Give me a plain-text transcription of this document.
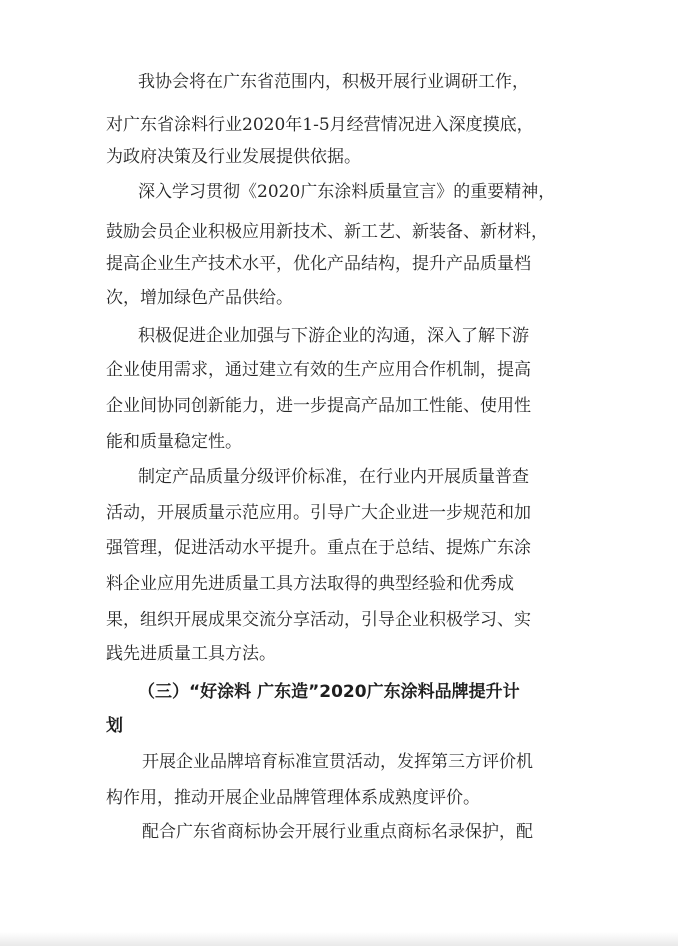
我协会将在广东省范围内，积极开展行业调研工作，
对广东省涂料行业2020年1-5月经营情况进入深度摸底，
为政府决策及行业发展提供依据。
深入学习贯彻《2020广东涂料质量宣言》的重要精神，
鼓励会员企业积极应用新技术、新工艺、新装备、新材料，
提高企业生产技术水平，优化产品结构，提升产品质量档
次，增加绿色产品供给。
积极促进企业加强与下游企业的沟通，深入了解下游
企业使用需求，通过建立有效的生产应用合作机制，提高
企业间协同创新能力，进一步提高产品加工性能、使用性
能和质量稳定性。
制定产品质量分级评价标准，在行业内开展质量普查
活动，开展质量示范应用。引导广大企业进一步规范和加
强管理，促进活动水平提升。重点在于总结、提炼广东涂
料企业应用先进质量工具方法取得的典型经验和优秀成
果，组织开展成果交流分享活动，引导企业积极学习、实
践先进质量工具方法。
（三）“好涂料 广东造”2020广东涂料品牌提升计
划
开展企业品牌培育标准宣贯活动，发挥第三方评价机
构作用，推动开展企业品牌管理体系成熟度评价。
配合广东省商标协会开展行业重点商标名录保护，配
